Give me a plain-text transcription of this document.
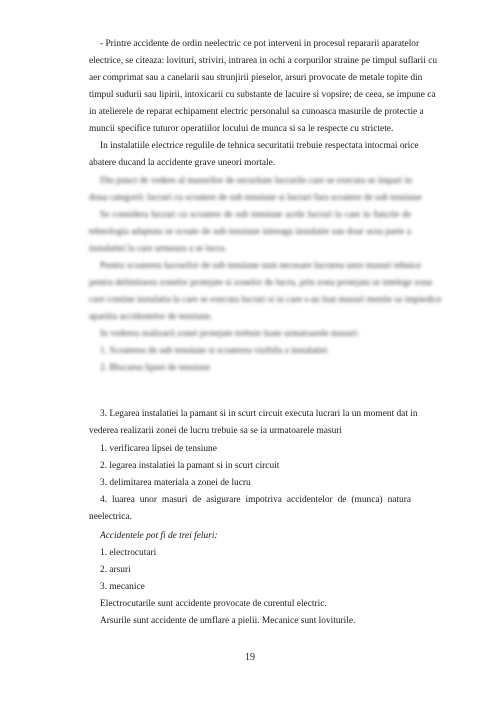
- Printre accidente de ordin neelectric ce pot interveni in procesul repararii aparatelor
electrice, se citeaza: lovituri, striviri, intrarea in ochi a corpurilor straine pe timpul suflarii cu
aer comprimat sau a canelarii sau strunjirii pieselor, arsuri provocate de metale topite din
timpul sudurii sau lipirii, intoxicarii cu substante de lacuire si vopsire; de ceea, se impune ca
in atelierele de reparat echipament electric personalul sa cunoasca masurile de protectie a
muncii specifice tuturor operatiilor locului de munca si sa le respecte cu strictete.
In instalatiile electrice regulile de tehnica securitatii trebuie respectata intocmai orice
abatere ducand la accidente grave uneori mortale.
Din punct de vedere al masurilor de securitate lucrarile care se executa se impart in
doua categorii: lucrari cu scoatere de sub tensiune si lucrari fara scoatere de sub tensiune
Se considera lucrari cu scoatere de sub tensiune acele lucrari la care in functie de
tehnologia adaptata se scoate de sub tensiune intreaga instalatie sau doar acea parte a
instalatiei la care urmeaza a se lucra.
Pentru scoaterea lucrarilor de sub tensiune sunt necesare lucrarea unor masuri tehnice
pentru delimitarea zonelor protejate si zonelor de lucru, prin zona protejata se intelege zona
care contine instalatia la care se executa lucrari si in care s-au luat masuri menite sa impiedice
aparitia accidentelor de tensiune.
In vederea realizarii zonei protejate trebuie luate urmatoarele masuri:
1. Scoaterea de sub tensiune si scoaterea vizibila a instalatiei
2. Blocarea lipsei de tensiune
3. Legarea instalatiei la pamant si in scurt circuit executa lucrari la un moment dat in
vederea realizarii zonei de lucru trebuie sa se ia urmatoarele masuri
1. verificarea lipsei de tensiune
2. legarea instalatiei la pamant si in scurt circuit
3. delimitarea materiala a zonei de lucru
4. luarea unor masuri de asigurare impotriva accidentelor de (munca) natura
neelectrica.
Accidentele pot fi de trei feluri:
1. electrocutari
2. arsuri
3. mecanice
Electrocutarile sunt accidente provocate de curentul electric.
Arsurile sunt accidente de umflare a pielii. Mecanice sunt loviturile.
19
